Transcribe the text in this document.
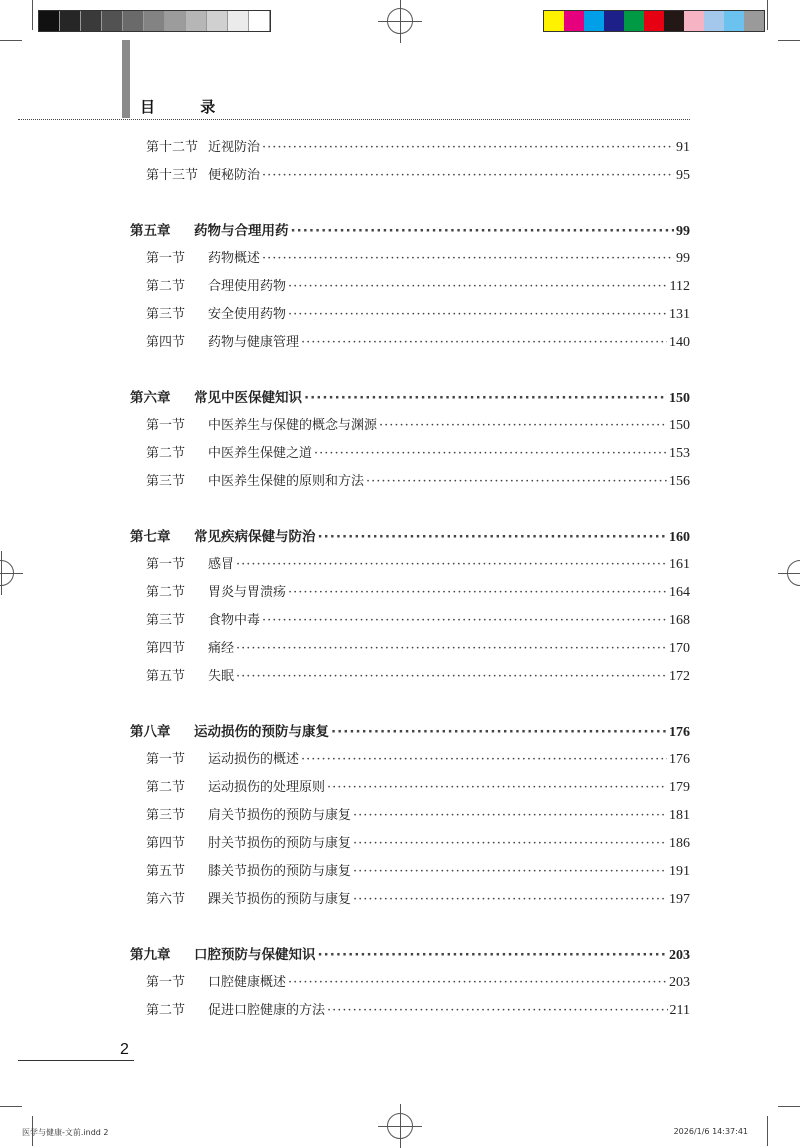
目 录
第十二节 近视防治 ·····	91
第十三节 便秘防治 ·····	95
第五章	药物与合理用药 ·····	99
第一节	药物概述 ·····	99
第二节	合理使用药物 ·····	112
第三节	安全使用药物 ·····	131
第四节	药物与健康管理 ·····	140
第六章	常见中医保健知识 ·····	150
第一节	中医养生与保健的概念与渊源 ·····	150
第二节	中医养生保健之道 ·····	153
第三节	中医养生保健的原则和方法 ·····	156
第七章	常见疾病保健与防治 ·····	160
第一节	感冒 ·····	161
第二节	胃炎与胃溃疡 ·····	164
第三节	食物中毒 ·····	168
第四节	痛经 ·····	170
第五节	失眠 ·····	172
第八章	运动损伤的预防与康复 ·····	176
第一节	运动损伤的概述 ·····	176
第二节	运动损伤的处理原则 ·····	179
第三节	肩关节损伤的预防与康复 ·····	181
第四节	肘关节损伤的预防与康复 ·····	186
第五节	膝关节损伤的预防与康复 ·····	191
第六节	踝关节损伤的预防与康复 ·····	197
第九章	口腔预防与保健知识 ·····	203
第一节	口腔健康概述 ·····	203
第二节	促进口腔健康的方法 ·····	211
2
医学与健康-文前.indd 2	2026/1/6 14:37:41
